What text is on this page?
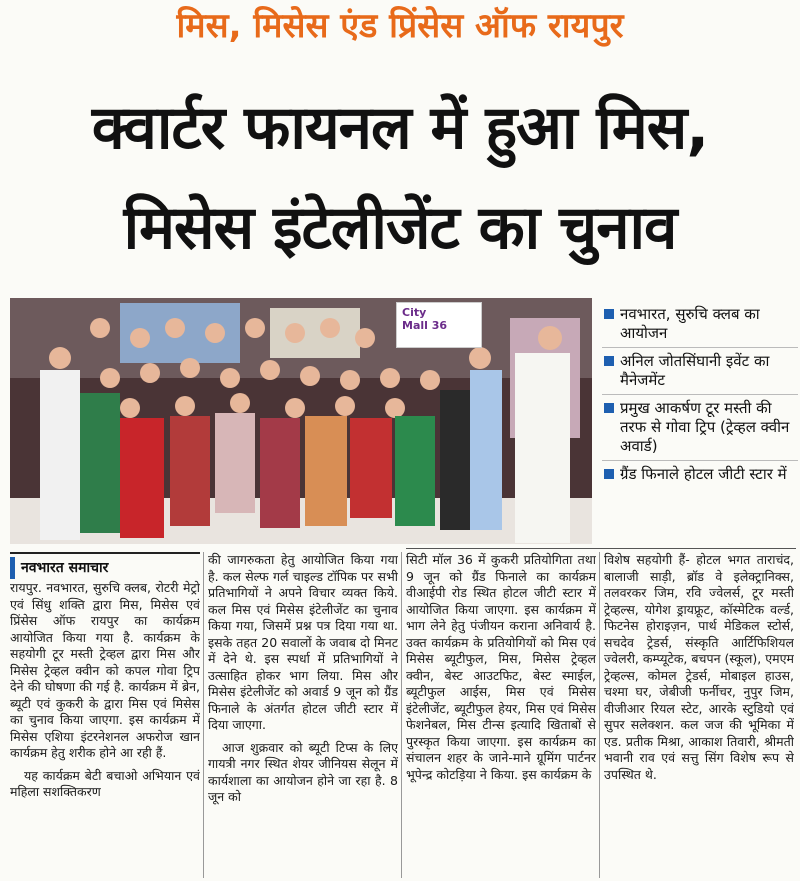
मिस, मिसेस एंड प्रिंसेस ऑफ रायपुर
क्वार्टर फायनल में हुआ मिस,
मिसेस इंटेलीजेंट का चुनाव
City
Mall 36
नवभारत, सुरुचि क्लब का आयोजन
अनिल जोतसिंघानी इवेंट का मैनेजमेंट
प्रमुख आकर्षण टूर मस्ती की तरफ से गोवा ट्रिप (ट्रेव्हल क्वीन अवार्ड)
ग्रैंड फिनाले होटल जीटी स्टार में
नवभारत समाचार

रायपुर. नवभारत, सुरुचि क्लब, रोटरी मेट्रो एवं सिंधु शक्ति द्वारा मिस, मिसेस एवं प्रिंसेस ऑफ रायपुर का कार्यक्रम आयोजित किया गया है. कार्यक्रम के सहयोगी टूर मस्ती ट्रेव्हल द्वारा मिस और मिसेस ट्रेव्हल क्वीन को कपल गोवा ट्रिप देने की घोषणा की गई है. कार्यक्रम में ब्रेन, ब्यूटी एवं कुकरी के द्वारा मिस एवं मिसेस का चुनाव किया जाएगा. इस कार्यक्रम में मिसेस एशिया इंटरनेशनल अफरोज खान कार्यक्रम हेतु शरीक होने आ रही हैं.

यह कार्यक्रम बेटी बचाओ अभियान एवं महिला सशक्तिकरण

की जागरुकता हेतु आयोजित किया गया है. कल सेल्फ गर्ल चाइल्ड टॉपिक पर सभी प्रतिभागियों ने अपने विचार व्यक्त किये. कल मिस एवं मिसेस इंटेलीजेंट का चुनाव किया गया, जिसमें प्रश्न पत्र दिया गया था. इसके तहत 20 सवालों के जवाब दो मिनट में देने थे. इस स्पर्धा में प्रतिभागियों ने उत्साहित होकर भाग लिया. मिस और मिसेस इंटेलीजेंट को अवार्ड 9 जून को ग्रैंड फिनाले के अंतर्गत होटल जीटी स्टार में दिया जाएगा.

आज शुक्रवार को ब्यूटी टिप्स के लिए गायत्री नगर स्थित शेयर जीनियस सेलून में कार्यशाला का आयोजन होने जा रहा है. 8 जून को

सिटी मॉल 36 में कुकरी प्रतियोगिता तथा 9 जून को ग्रैंड फिनाले का कार्यक्रम वीआईपी रोड स्थित होटल जीटी स्टार में आयोजित किया जाएगा. इस कार्यक्रम में भाग लेने हेतु पंजीयन कराना अनिवार्य है. उक्त कार्यक्रम के प्रतियोगियों को मिस एवं मिसेस ब्यूटीफुल, मिस, मिसेस ट्रेव्हल क्वीन, बेस्ट आउटफिट, बेस्ट स्माईल, ब्यूटीफुल आईस, मिस एवं मिसेस इंटेलीजेंट, ब्यूटीफुल हेयर, मिस एवं मिसेस फेशनेबल, मिस टीन्स इत्यादि खिताबों से पुरस्कृत किया जाएगा. इस कार्यक्रम का संचालन शहर के जाने-माने ग्रूमिंग पार्टनर भूपेन्द्र कोटड़िया ने किया. इस कार्यक्रम के

विशेष सहयोगी हैं- होटल भगत ताराचंद, बालाजी साड़ी, ब्रॉड वे इलेक्ट्रानिक्स, तलवरकर जिम, रवि ज्वेलर्स, टूर मस्ती ट्रेव्हल्स, योगेश ड्रायफ्रूट, कॉस्मेटिक वर्ल्ड, फिटनेस होराइज़न, पार्थ मेडिकल स्टोर्स, सचदेव ट्रेडर्स, संस्कृति आर्टिफिशियल ज्वेलरी, कम्प्यूटेक, बचपन (स्कूल), एमएम ट्रेव्हल्स, कोमल ट्रेडर्स, मोबाइल हाउस, चश्मा घर, जेबीजी फर्नीचर, नुपुर जिम, वीजीआर रियल स्टेट, आरके स्टुडियो एवं सुपर सलेक्शन. कल जज की भूमिका में एड. प्रतीक मिश्रा, आकाश तिवारी, श्रीमती भवानी राव एवं सत्तु सिंग विशेष रूप से उपस्थित थे.
